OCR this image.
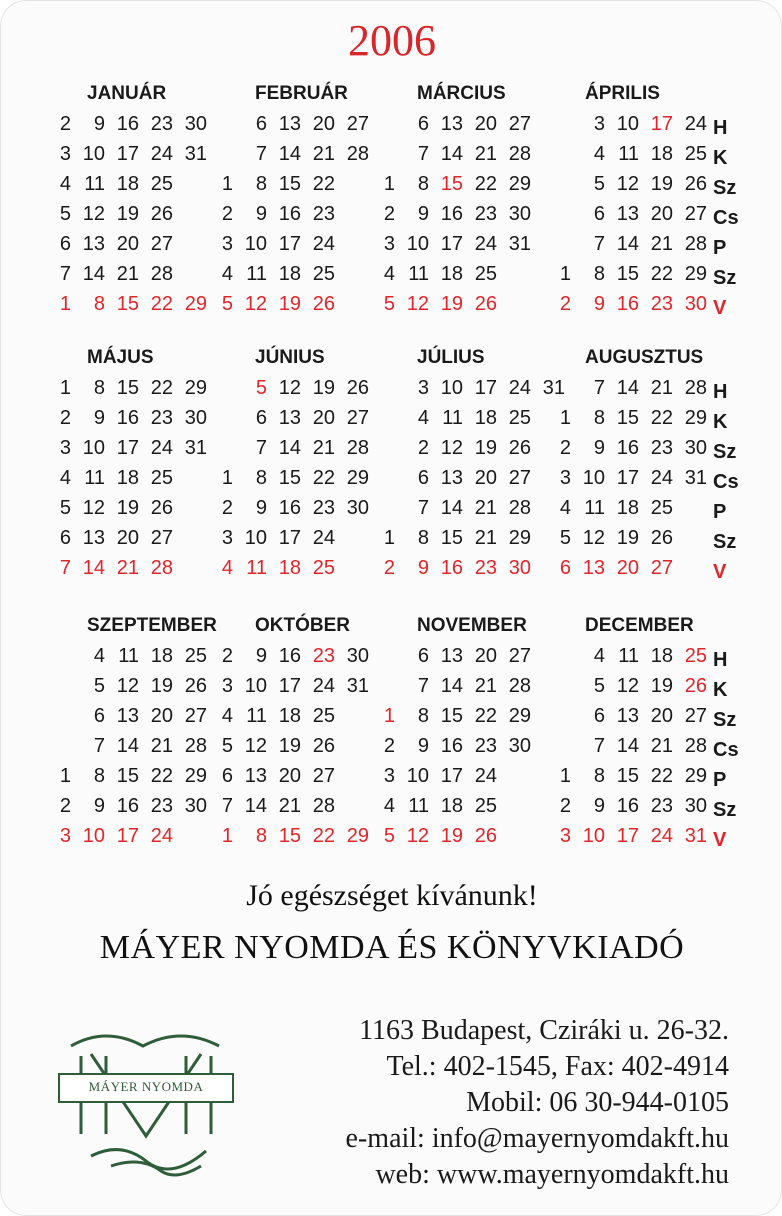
2006
JANUÁR
2 9 16 23 30
3 10 17 24 31
4 11 18 25
5 12 19 26
6 13 20 27
7 14 21 28
1 8 15 22 29
FEBRUÁR
6 13 20 27
7 14 21 28
1 8 15 22
2 9 16 23
3 10 17 24
4 11 18 25
5 12 19 26
MÁRCIUS
6 13 20 27
7 14 21 28
1 8 15 22 29
2 9 16 23 30
3 10 17 24 31
4 11 18 25
5 12 19 26
ÁPRILIS
3 10 17 24
4 11 18 25
5 12 19 26
6 13 20 27
7 14 21 28
1 8 15 22 29
2 9 16 23 30
MÁJUS
1 8 15 22 29
2 9 16 23 30
3 10 17 24 31
4 11 18 25
5 12 19 26
6 13 20 27
7 14 21 28
JÚNIUS
5 12 19 26
6 13 20 27
7 14 21 28
1 8 15 22 29
2 9 16 23 30
3 10 17 24
4 11 18 25
JÚLIUS
3 10 17 24 31
4 11 18 25
2 12 19 26
6 13 20 27
7 14 21 28
1 8 15 21 29
2 9 16 23 30
AUGUSZTUS
7 14 21 28
1 8 15 22 29
2 9 16 23 30
3 10 17 24 31
4 11 18 25
5 12 19 26
6 13 20 27
SZEPTEMBER
4 11 18 25
5 12 19 26
6 13 20 27
7 14 21 28
1 8 15 22 29
2 9 16 23 30
3 10 17 24
OKTÓBER
2 9 16 23 30
3 10 17 24 31
4 11 18 25
5 12 19 26
6 13 20 27
7 14 21 28
1 8 15 22 29
NOVEMBER
6 13 20 27
7 14 21 28
1 8 15 22 29
2 9 16 23 30
3 10 17 24
4 11 18 25
5 12 19 26
DECEMBER
4 11 18 25
5 12 19 26
6 13 20 27
7 14 21 28
1 8 15 22 29
2 9 16 23 30
3 10 17 24 31
H
K
Sz
Cs
P
Sz
V
H
K
Sz
Cs
P
Sz
V
H
K
Sz
Cs
P
Sz
V
Jó egészséget kívánunk!
MÁYER NYOMDA ÉS KÖNYVKIADÓ
MÁYER NYOMDA
1163 Budapest, Cziráki u. 26-32.
Tel.: 402-1545, Fax: 402-4914
Mobil: 06 30-944-0105
e-mail: info@mayernyomdakft.hu
web: www.mayernyomdakft.hu
